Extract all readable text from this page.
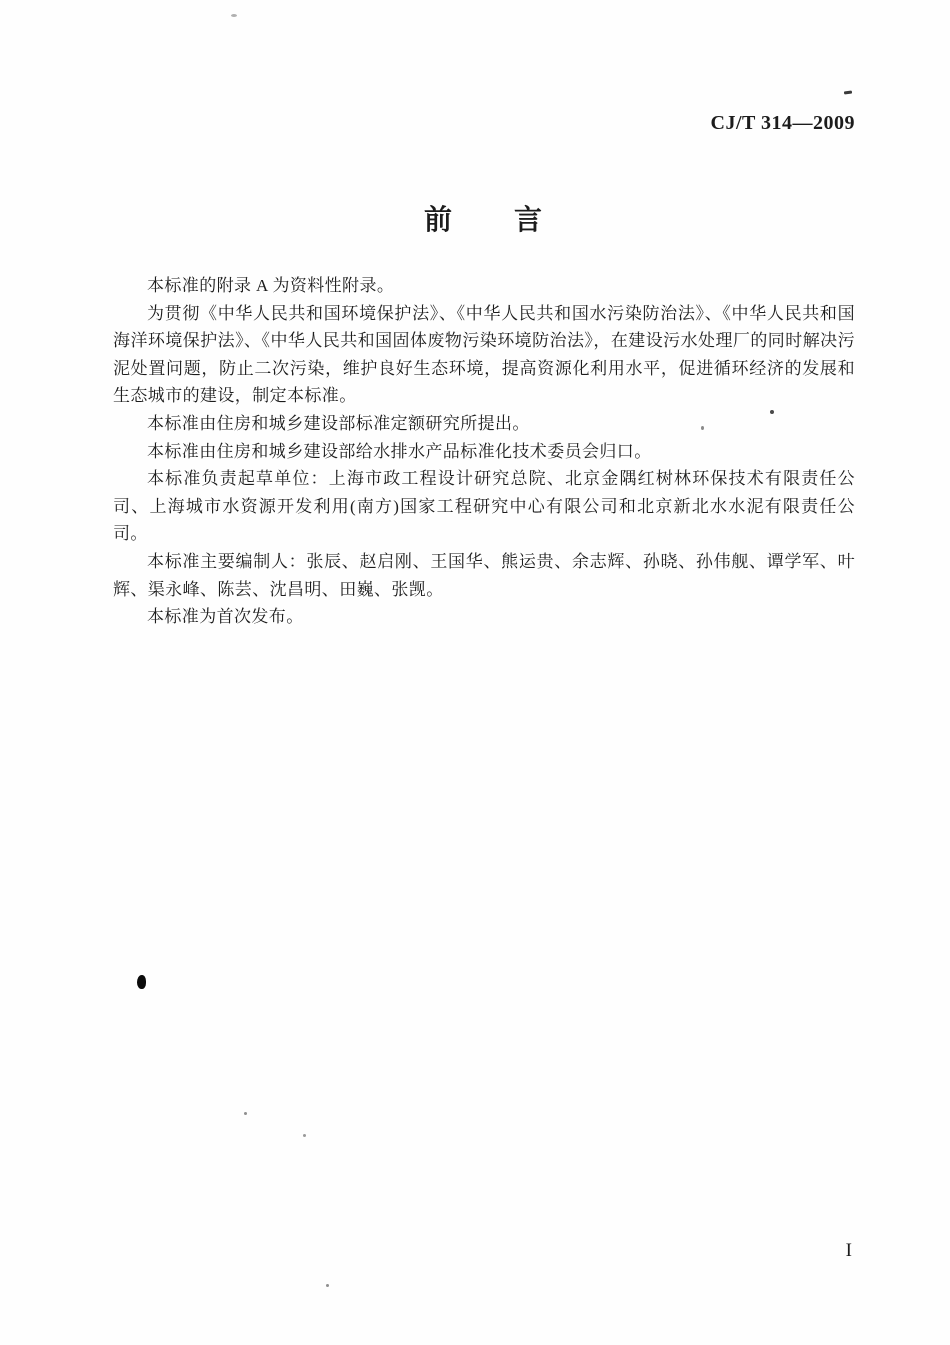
CJ/T 314—2009
前　　言

本标准的附录 A 为资料性附录。

为贯彻《中华人民共和国环境保护法》、《中华人民共和国水污染防治法》、《中华人民共和国海洋环境保护法》、《中华人民共和国固体废物污染环境防治法》，在建设污水处理厂的同时解决污泥处置问题，防止二次污染，维护良好生态环境，提高资源化利用水平，促进循环经济的发展和生态城市的建设，制定本标准。

本标准由住房和城乡建设部标准定额研究所提出。

本标准由住房和城乡建设部给水排水产品标准化技术委员会归口。

本标准负责起草单位：上海市政工程设计研究总院、北京金隅红树林环保技术有限责任公司、上海城市水资源开发利用(南方)国家工程研究中心有限公司和北京新北水水泥有限责任公司。

本标准主要编制人：张辰、赵启刚、王国华、熊运贵、余志辉、孙晓、孙伟舰、谭学军、叶辉、渠永峰、陈芸、沈昌明、田巍、张觊。

本标准为首次发布。

I
